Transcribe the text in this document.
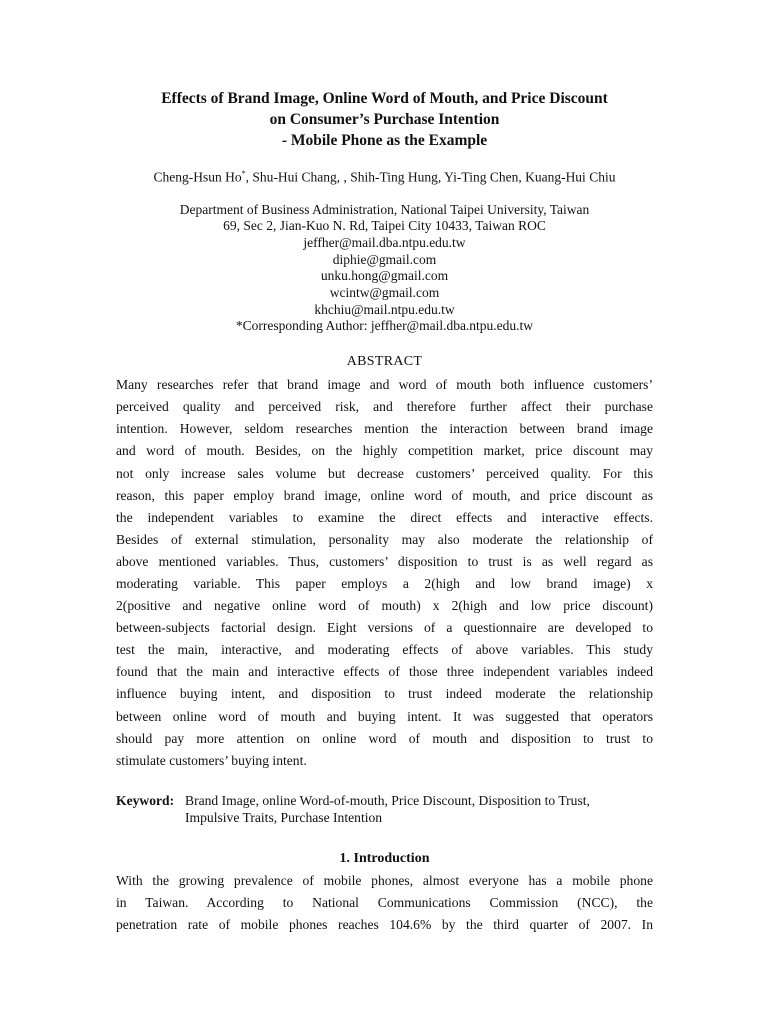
Effects of Brand Image, Online Word of Mouth, and Price Discount
on Consumer’s Purchase Intention
- Mobile Phone as the Example
Cheng-Hsun Ho*, Shu-Hui Chang, , Shih-Ting Hung, Yi-Ting Chen, Kuang-Hui Chiu
Department of Business Administration, National Taipei University, Taiwan
69, Sec 2, Jian-Kuo N. Rd, Taipei City 10433, Taiwan ROC
jeffher@mail.dba.ntpu.edu.tw
diphie@gmail.com
unku.hong@gmail.com
wcintw@gmail.com
khchiu@mail.ntpu.edu.tw
*Corresponding Author: jeffher@mail.dba.ntpu.edu.tw
ABSTRACT
Many researches refer that brand image and word of mouth both influence customers’
perceived quality and perceived risk, and therefore further affect their purchase
intention. However, seldom researches mention the interaction between brand image
and word of mouth. Besides, on the highly competition market, price discount may
not only increase sales volume but decrease customers’ perceived quality. For this
reason, this paper employ brand image, online word of mouth, and price discount as
the independent variables to examine the direct effects and interactive effects.
Besides of external stimulation, personality may also moderate the relationship of
above mentioned variables. Thus, customers’ disposition to trust is as well regard as
moderating variable. This paper employs a 2(high and low brand image) x
2(positive and negative online word of mouth) x 2(high and low price discount)
between-subjects factorial design. Eight versions of a questionnaire are developed to
test the main, interactive, and moderating effects of above variables. This study
found that the main and interactive effects of those three independent variables indeed
influence buying intent, and disposition to trust indeed moderate the relationship
between online word of mouth and buying intent. It was suggested that operators
should pay more attention on online word of mouth and disposition to trust to
stimulate customers’ buying intent.
Keyword: Brand Image, online Word-of-mouth, Price Discount, Disposition to Trust,
Impulsive Traits, Purchase Intention
1. Introduction
With the growing prevalence of mobile phones, almost everyone has a mobile phone
in Taiwan. According to National Communications Commission (NCC), the
penetration rate of mobile phones reaches 104.6% by the third quarter of 2007. In
